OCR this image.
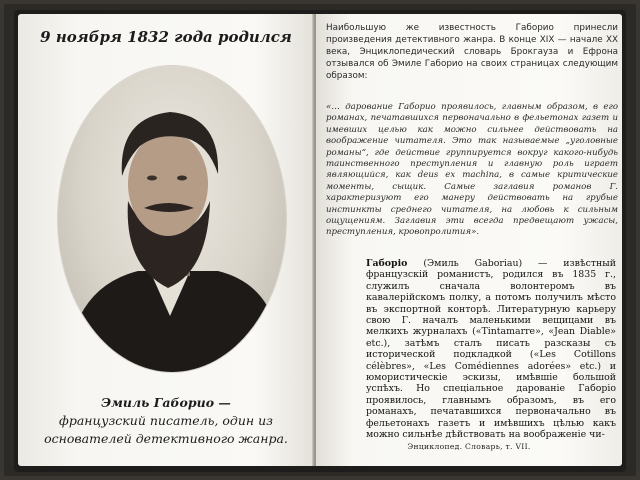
9 ноября 1832 года родился
Эмиль Габорио —
французский писатель, один из
основателей детективного жанра.
Наибольшую же известность Габорио принесли произведения детективного жанра. В конце XIX — начале XX века, Энциклопедический словарь Брокгауза и Ефрона отзывался об Эмиле Габорио на своих страницах следующим образом:
«… дарование Габорио проявилось, главным образом, в его романах, печатавшихся первоначально в фельетонах газет и имевших целью как можно сильнее действовать на воображение читателя. Это так называемые „уголовные романы“, где действие группируется вокруг какого-нибудь таинственного преступления и главную роль играет являющийся, как deus ex machina, в самые критические моменты, сыщик. Самые заглавия романов Г. характеризуют его манеру действовать на грубые инстинкты среднего читателя, на любовь к сильным ощущениям. Заглавия эти всегда предвещают ужасы, преступления, кровопролития».
Габоріо (Эмиль Gaboriau) — извѣстный французскій романистъ, родился въ 1835 г., служилъ сначала волонтеромъ въ кавалерійскомъ полку, а потомъ получилъ мѣсто въ экспортной конторѣ. Литературную карьеру свою Г. началъ маленькими вещицами въ мелкихъ журналахъ («Tintamarre», «Jean Diable» etc.), затѣмъ сталъ писать разсказы съ исторической подкладкой («Les Cotillons célèbres», «Les Comédiennes adorées» etc.) и юмористическіе эскизы, имѣвшіе большой успѣхъ. Но спеціальное дарованіе Габоріо проявилось, главнымъ образомъ, въ его романахъ, печатавшихся первоначально въ фельетонахъ газетъ и имѣвшихъ цѣлью какъ можно сильнѣе дѣйствовать на воображеніе чи-
Энциклопед. Словарь, т. VII.
